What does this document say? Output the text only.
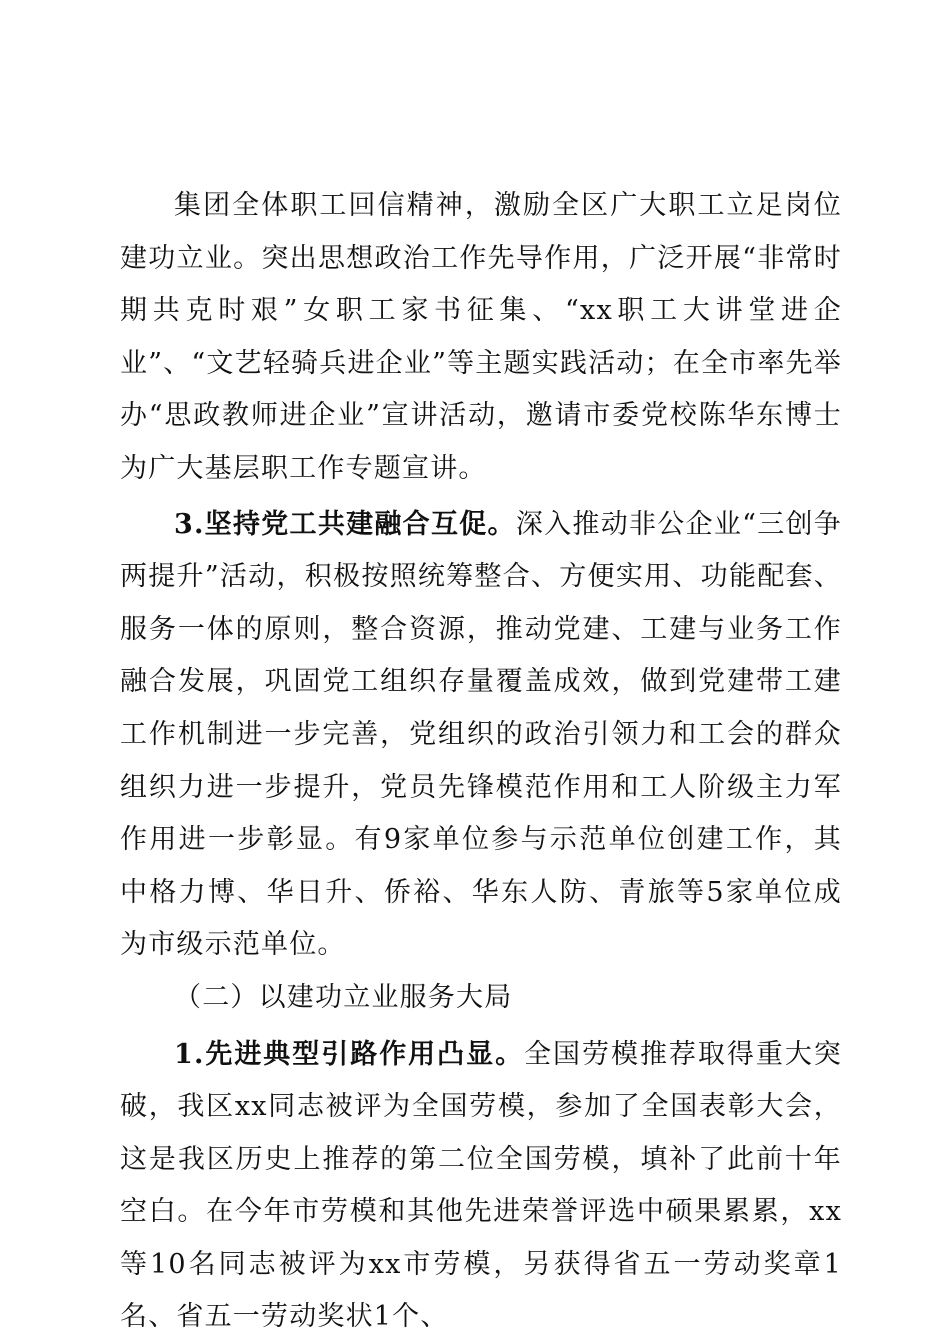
集团全体职工回信精神，激励全区广大职工立足岗位建功立业。突出思想政治工作先导作用，广泛开展“非常时期共克时艰”女职工家书征集、“xx职工大讲堂进企业”、“文艺轻骑兵进企业”等主题实践活动；在全市率先举办“思政教师进企业”宣讲活动，邀请市委党校陈华东博士为广大基层职工作专题宣讲。

3.坚持党工共建融合互促。深入推动非公企业“三创争两提升”活动，积极按照统筹整合、方便实用、功能配套、服务一体的原则，整合资源，推动党建、工建与业务工作融合发展，巩固党工组织存量覆盖成效，做到党建带工建工作机制进一步完善，党组织的政治引领力和工会的群众组织力进一步提升，党员先锋模范作用和工人阶级主力军作用进一步彰显。有9家单位参与示范单位创建工作，其中格力博、华日升、侨裕、华东人防、青旅等5家单位成为市级示范单位。

（二）以建功立业服务大局

1.先进典型引路作用凸显。全国劳模推荐取得重大突破，我区xx同志被评为全国劳模，参加了全国表彰大会，这是我区历史上推荐的第二位全国劳模，填补了此前十年空白。在今年市劳模和其他先进荣誉评选中硕果累累，xx等10名同志被评为xx市劳模，另获得省五一劳动奖章1名、省五一劳动奖状1个、
